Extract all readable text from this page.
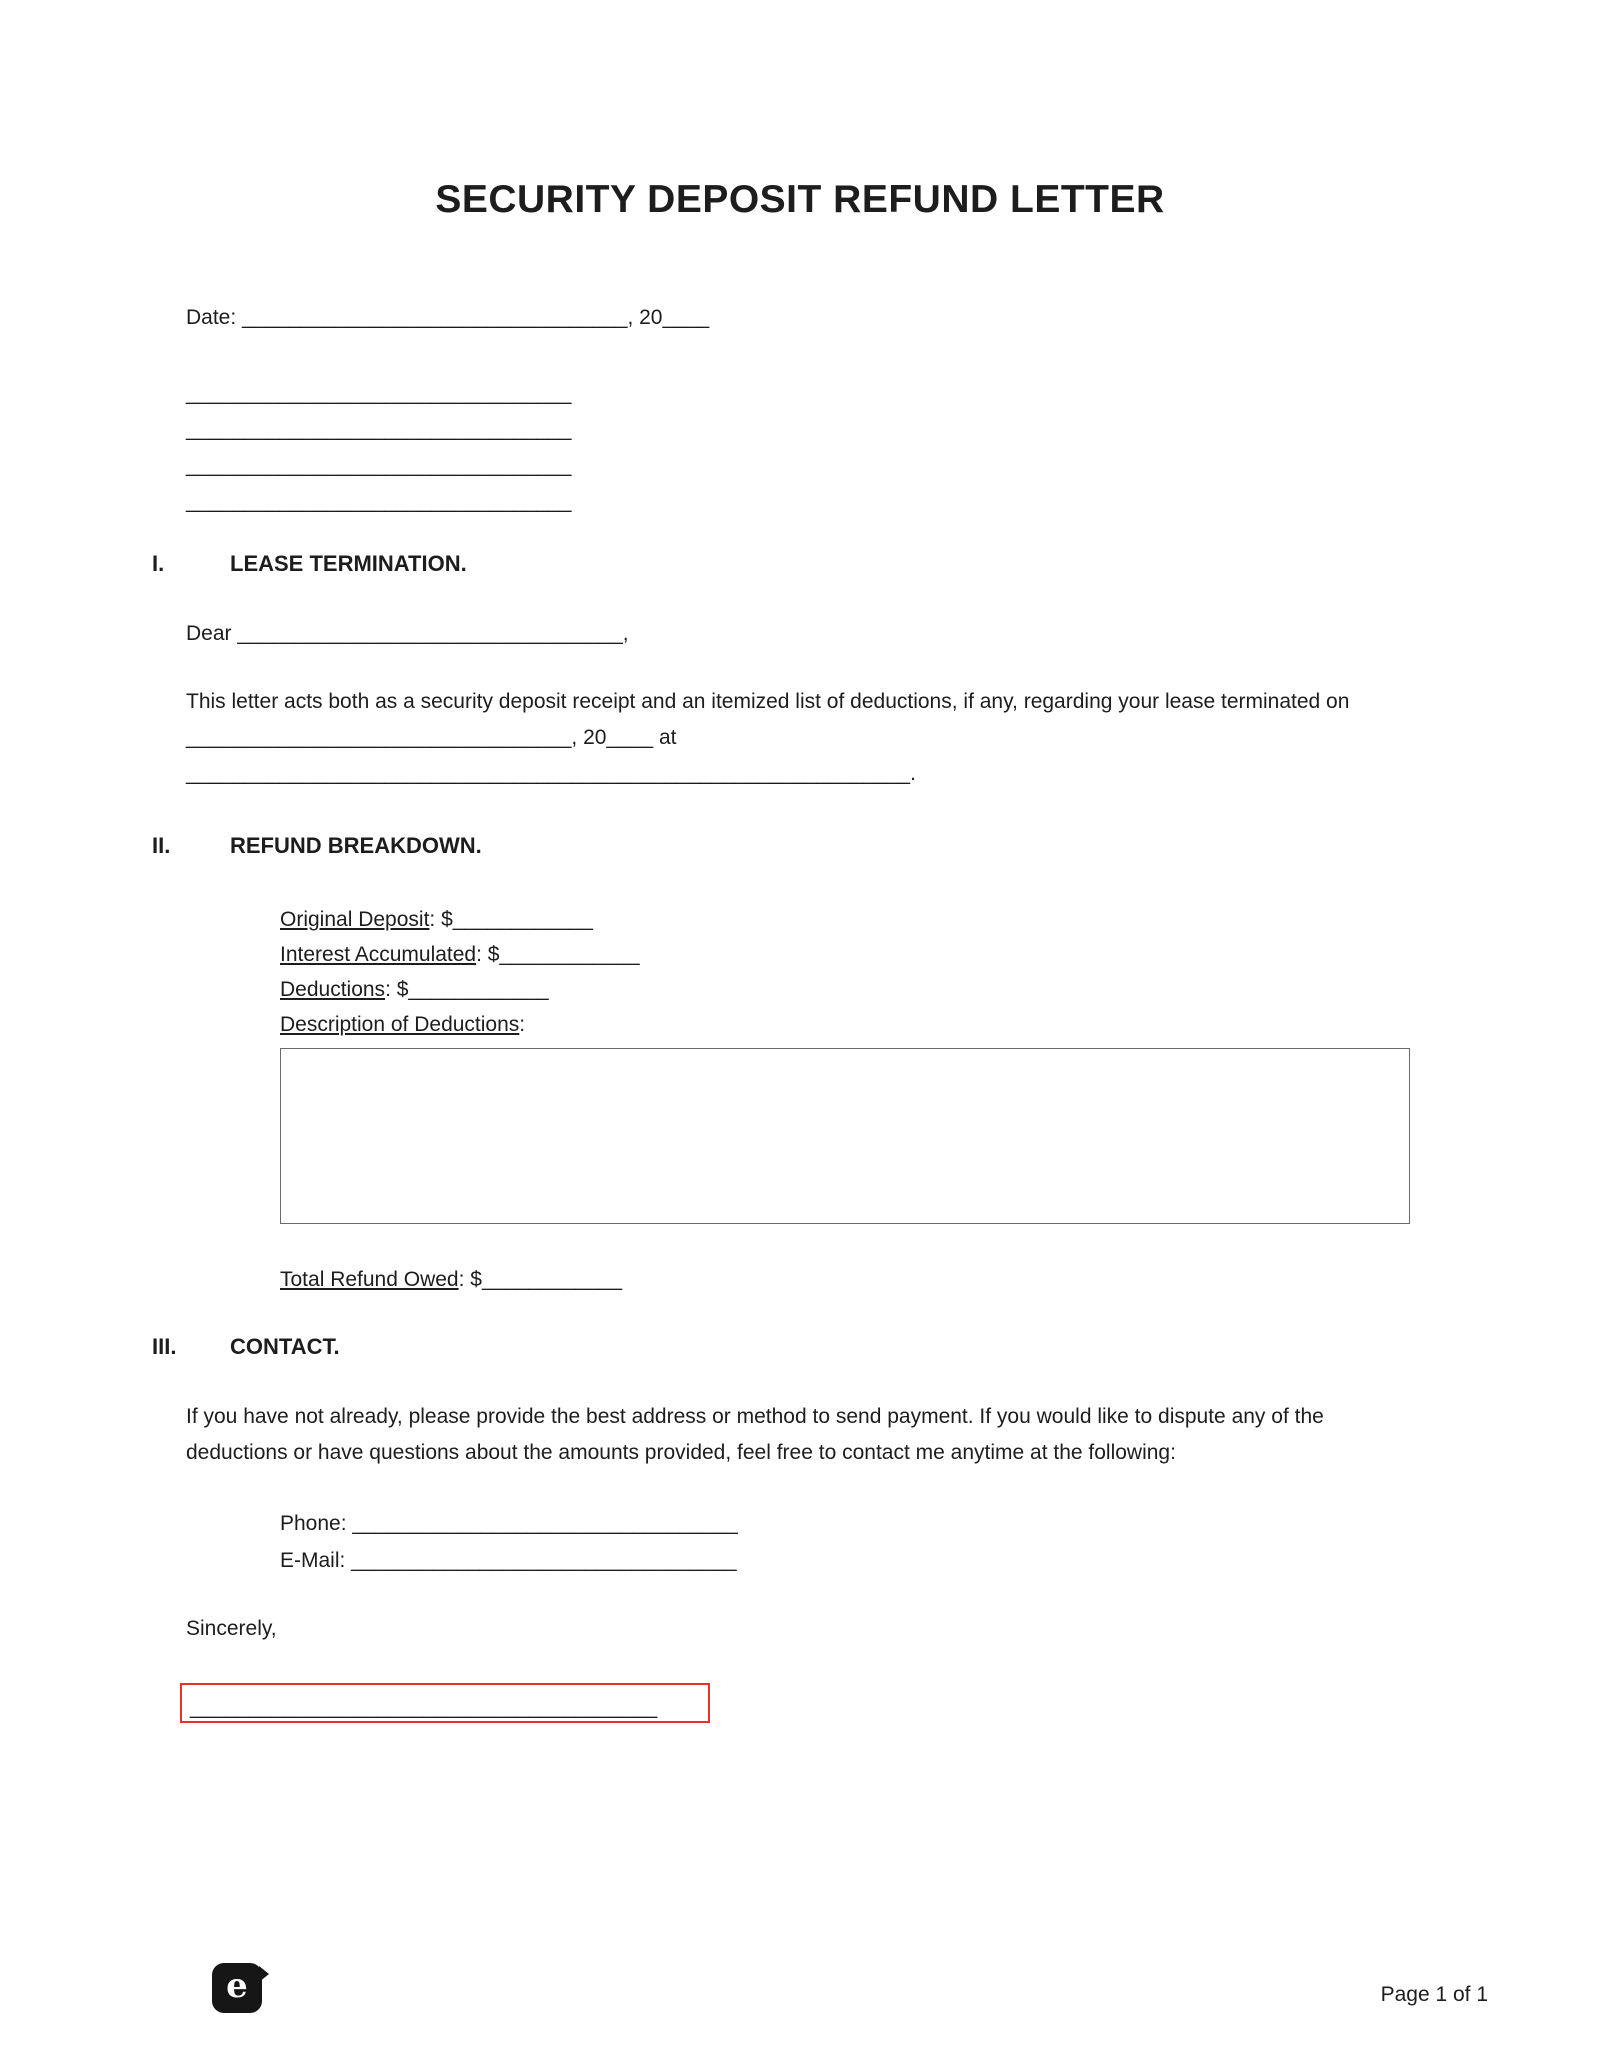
SECURITY DEPOSIT REFUND LETTER

Date: _________________________________, 20____

_________________________________

_________________________________

_________________________________

_________________________________

I.	LEASE TERMINATION.

Dear _________________________________,

This letter acts both as a security deposit receipt and an itemized list of deductions, if any, regarding your lease terminated on _________________________________, 20____ at ______________________________________________________________.

II.	REFUND BREAKDOWN.

Original Deposit: $____________

Interest Accumulated: $____________

Deductions: $____________

Description of Deductions:

Total Refund Owed: $____________

III.	CONTACT.

If you have not already, please provide the best address or method to send payment. If you would like to dispute any of the deductions or have questions about the amounts provided, feel free to contact me anytime at the following:

Phone: _________________________________

E-Mail: _________________________________

Sincerely,

________________________________________
e	Page 1 of 1
